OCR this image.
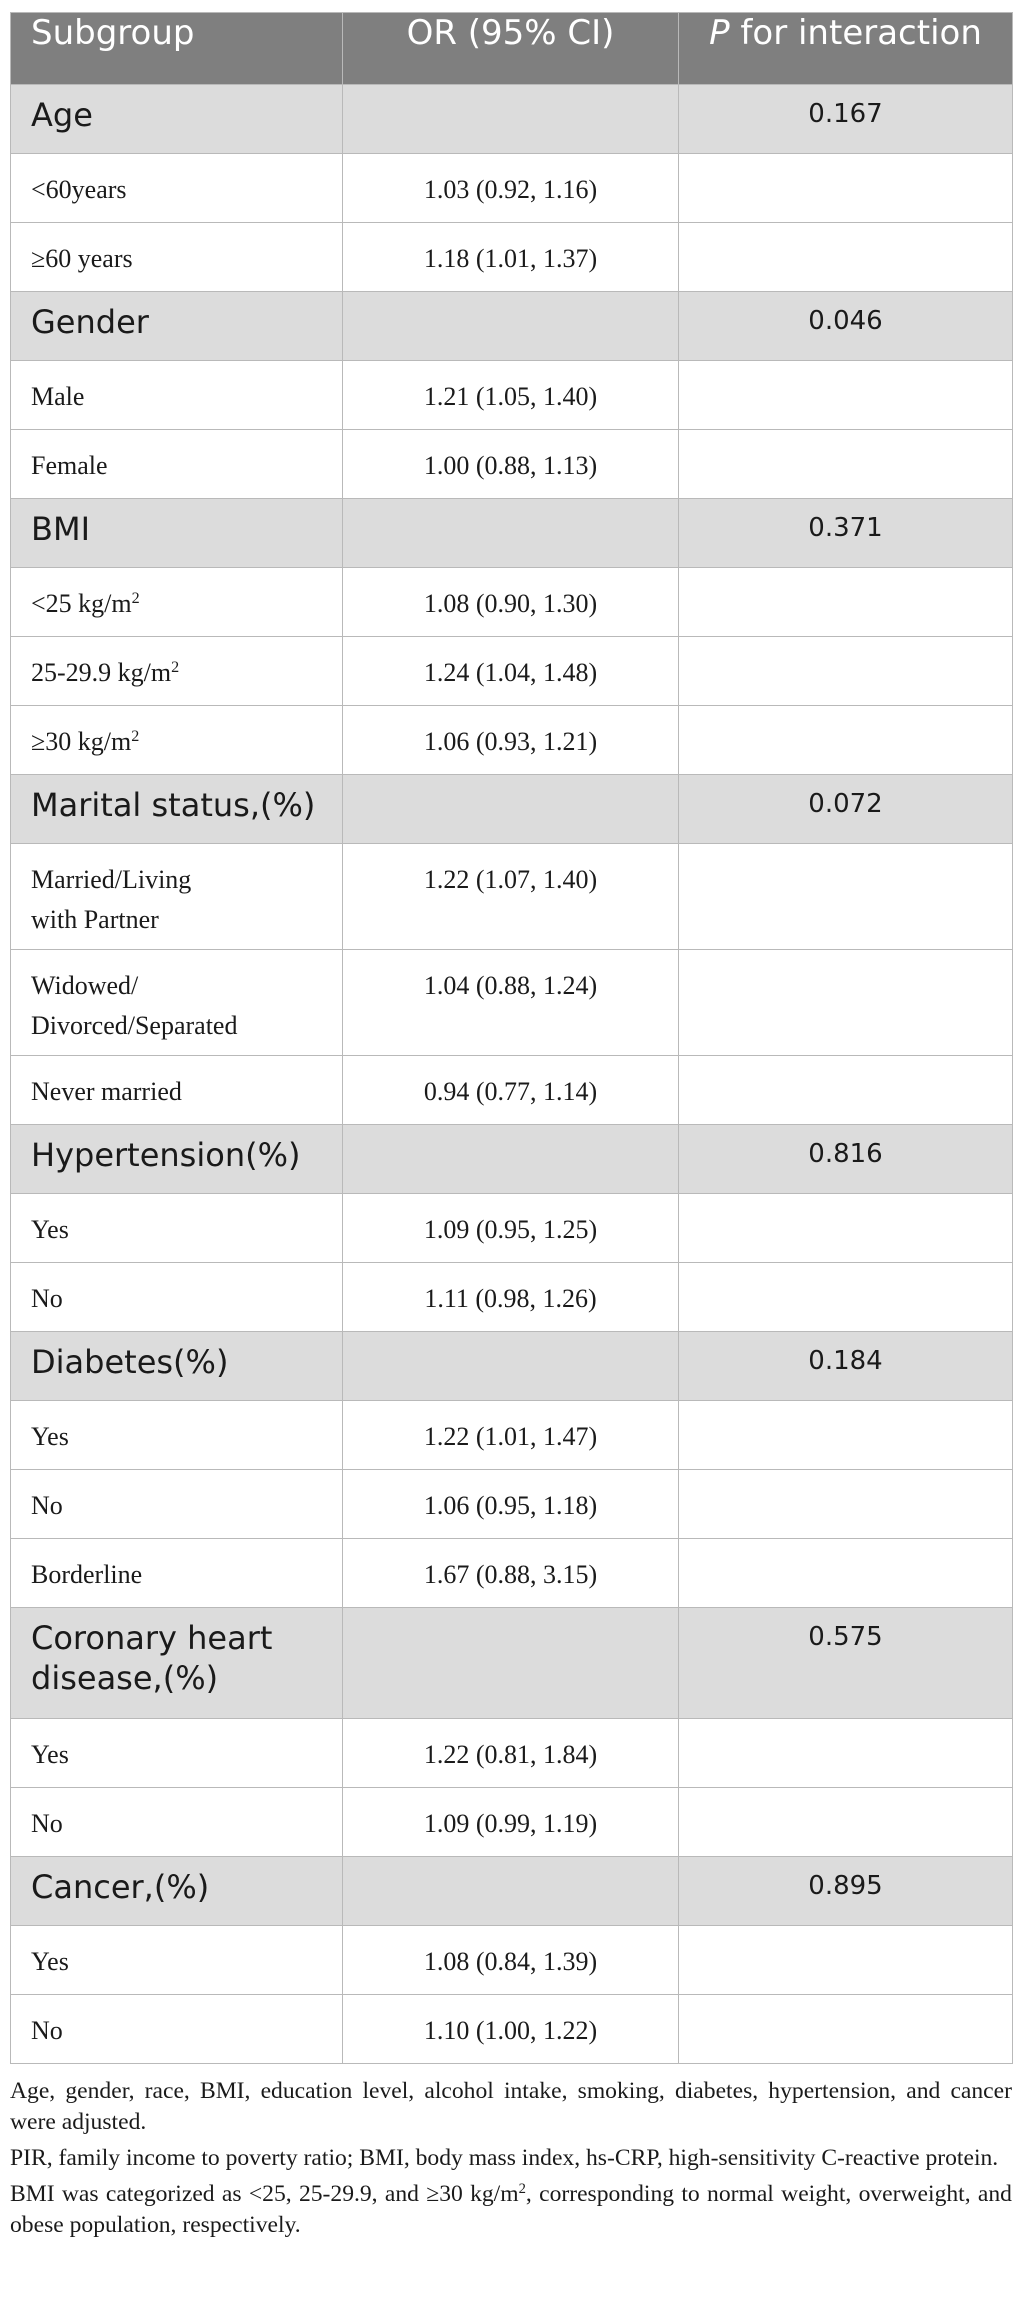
Subgroup	OR (95% CI)	P for interaction
Age		0.167
<60years	1.03 (0.92, 1.16)	
≥60 years	1.18 (1.01, 1.37)	
Gender		0.046
Male	1.21 (1.05, 1.40)	
Female	1.00 (0.88, 1.13)	
BMI		0.371
<25 $kg/m^2$	1.08 (0.90, 1.30)	
25-29.9 $kg/m^2$	1.24 (1.04, 1.48)	
≥30 $kg/m^2$	1.06 (0.93, 1.21)	
Marital status,(%)		0.072
Married/Living
with Partner	1.22 (1.07, 1.40)	
Widowed/
Divorced/Separated	1.04 (0.88, 1.24)	
Never married	0.94 (0.77, 1.14)	
Hypertension(%)		0.816
Yes	1.09 (0.95, 1.25)	
No	1.11 (0.98, 1.26)	
Diabetes(%)		0.184
Yes	1.22 (1.01, 1.47)	
No	1.06 (0.95, 1.18)	
Borderline	1.67 (0.88, 3.15)	
Coronary heart
disease,(%)		0.575
Yes	1.22 (0.81, 1.84)	
No	1.09 (0.99, 1.19)	
Cancer,(%)		0.895
Yes	1.08 (0.84, 1.39)	
No	1.10 (1.00, 1.22)	

Age, gender, race, BMI, education level, alcohol intake, smoking, diabetes, hypertension, and cancer were adjusted.

PIR, family income to poverty ratio; BMI, body mass index, hs-CRP, high-sensitivity C-reactive protein.

BMI was categorized as <25, 25-29.9, and ≥30 $kg/m^2$, corresponding to normal weight, overweight, and obese population, respectively.
